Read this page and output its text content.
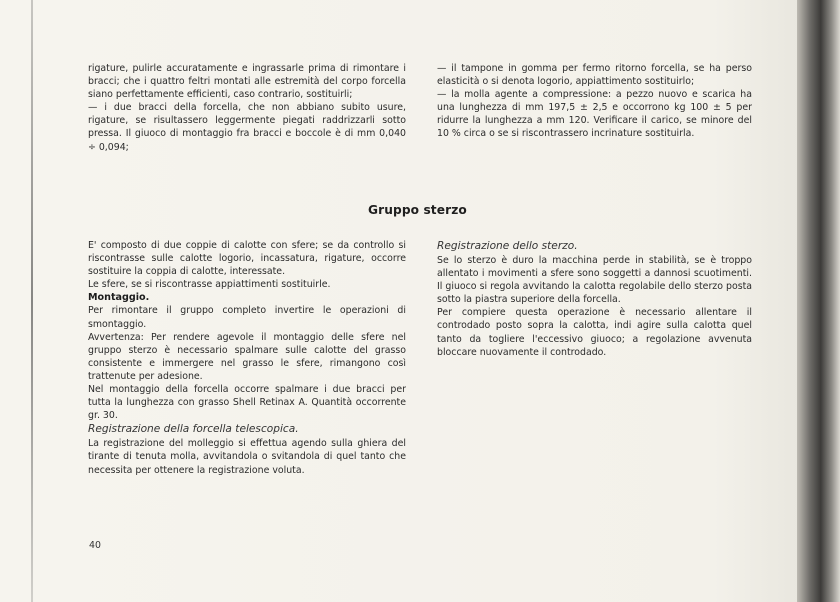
rigature, pulirle accuratamente e ingrassarle prima di rimontare i bracci; che i quattro feltri montati alle estremità del corpo forcella siano perfettamente efficienti, caso contrario, sostituirli;

— i due bracci della forcella, che non abbiano subito usure, rigature, se risultassero leggermente piegati raddrizzarli sotto pressa. Il giuoco di montaggio fra bracci e boccole è di mm 0,040 ÷ 0,094;

— il tampone in gomma per fermo ritorno forcella, se ha perso elasticità o si denota logorio, appiattimento sostituirlo;

— la molla agente a compressione: a pezzo nuovo e scarica ha una lunghezza di mm 197,5 ± 2,5 e occorrono kg 100 ± 5 per ridurre la lunghezza a mm 120. Verificare il carico, se minore del 10 % circa o se si riscontrassero incrinature sostituirla.

Gruppo sterzo

E' composto di due coppie di calotte con sfere; se da controllo si riscontrasse sulle calotte logorio, incassatura, rigature, occorre sostituire la coppia di calotte, interessate.

Le sfere, se si riscontrasse appiattimenti sostituirle.

Montaggio.

Per rimontare il gruppo completo invertire le operazioni di smontaggio.

Avvertenza: Per rendere agevole il montaggio delle sfere nel gruppo sterzo è necessario spalmare sulle calotte del grasso consistente e immergere nel grasso le sfere, rimangono così trattenute per adesione.

Nel montaggio della forcella occorre spalmare i due bracci per tutta la lunghezza con grasso Shell Retinax A. Quantità occorrente gr. 30.

Registrazione della forcella telescopica.

La registrazione del molleggio si effettua agendo sulla ghiera del tirante di tenuta molla, avvitandola o svitandola di quel tanto che necessita per ottenere la registrazione voluta.

Registrazione dello sterzo.

Se lo sterzo è duro la macchina perde in stabilità, se è troppo allentato i movimenti a sfere sono soggetti a dannosi scuotimenti. Il giuoco si regola avvitando la calotta regolabile dello sterzo posta sotto la piastra superiore della forcella.

Per compiere questa operazione è necessario allentare il controdado posto sopra la calotta, indi agire sulla calotta quel tanto da togliere l'eccessivo giuoco; a regolazione avvenuta bloccare nuovamente il controdado.

40
